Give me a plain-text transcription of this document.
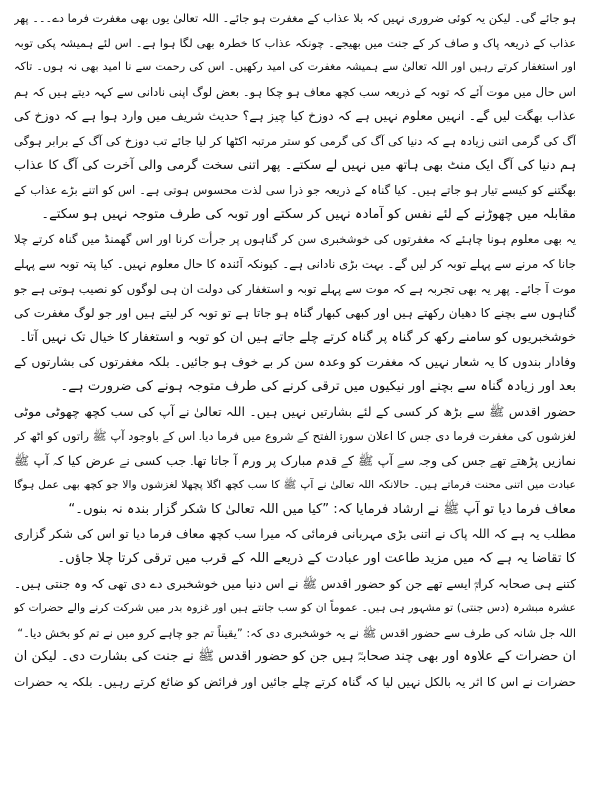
ہو جائے گی۔ لیکن یہ کوئی ضروری نہیں کہ بلا عذاب کے مغفرت ہو جائے۔ اللہ تعالیٰ یوں بھی مغفرت فرما دے۔۔۔ پھر
عذاب کے ذریعہ پاک و صاف کر کے جنت میں بھیجے۔ چونکہ عذاب کا خطرہ بھی لگا ہوا ہے۔ اس لئے ہمیشہ پکی توبہ
اور استغفار کرتے رہیں اور اللہ تعالیٰ سے ہمیشہ مغفرت کی امید رکھیں۔ اس کی رحمت سے نا امید بھی نہ ہوں۔ تاکہ
اس حال میں موت آئے کہ توبہ کے ذریعہ سب کچھ معاف ہو چکا ہو۔ بعض لوگ اپنی نادانی سے کہہ دیتے ہیں کہ ہم
عذاب بھگت لیں گے۔ انہیں معلوم نہیں ہے کہ دوزخ کیا چیز ہے؟ حدیث شریف میں وارد ہوا ہے کہ دوزخ کی
آگ کی گرمی اتنی زیادہ ہے کہ دنیا کی آگ کی گرمی کو ستر مرتبہ اکٹھا کر لیا جائے تب دوزخ کی آگ کے برابر ہوگی
ہم دنیا کی آگ ایک منٹ بھی ہاتھ میں نہیں لے سکتے۔ پھر اتنی سخت گرمی والی آخرت کی آگ کا عذاب
بھگتنے کو کیسے تیار ہو جاتے ہیں۔ کیا گناہ کے ذریعہ جو ذرا سی لذت محسوس ہوتی ہے۔ اس کو اتنے بڑے عذاب کے
مقابلہ میں چھوڑنے کے لئے نفس کو آمادہ نہیں کر سکتے اور توبہ کی طرف متوجہ نہیں ہو سکتے۔
یہ بھی معلوم ہونا چاہئے کہ مغفرتوں کی خوشخبری سن کر گناہوں پر جرأت کرنا اور اس گھمنڈ میں گناہ کرتے چلا
جانا کہ مرنے سے پہلے توبہ کر لیں گے۔ بہت بڑی نادانی ہے۔ کیونکہ آئندہ کا حال معلوم نہیں۔ کیا پتہ توبہ سے پہلے
موت آ جائے۔ پھر یہ بھی تجربہ ہے کہ موت سے پہلے توبہ و استغفار کی دولت ان ہی لوگوں کو نصیب ہوتی ہے جو
گناہوں سے بچنے کا دھیان رکھتے ہیں اور کبھی کبھار گناہ ہو جاتا ہے تو توبہ کر لیتے ہیں اور جو لوگ مغفرت کی
خوشخبریوں کو سامنے رکھ کر گناہ پر گناہ کرتے چلے جاتے ہیں ان کو توبہ و استغفار کا خیال تک نہیں آتا۔
وفادار بندوں کا یہ شعار نہیں کہ مغفرت کو وعدہ سن کر بے خوف ہو جائیں۔ بلکہ مغفرتوں کی بشارتوں کے
بعد اور زیادہ گناہ سے بچنے اور نیکیوں میں ترقی کرنے کی طرف متوجہ ہونے کی ضرورت ہے۔
حضور اقدس ﷺ سے بڑھ کر کسی کے لئے بشارتیں نہیں ہیں۔ اللہ تعالیٰ نے آپ کی سب کچھ چھوٹی موٹی
لغزشوں کی مغفرت فرما دی جس کا اعلان سورۃ الفتح کے شروع میں فرما دیا۔ اس کے باوجود آپ ﷺ راتوں کو اٹھ کر
نمازیں پڑھتے تھے جس کی وجہ سے آپ ﷺ کے قدم مبارک پر ورم آ جاتا تھا۔ جب کسی نے عرض کیا کہ آپ ﷺ
عبادت میں اتنی محنت فرماتے ہیں۔ حالانکہ اللہ تعالیٰ نے آپ ﷺ کا سب کچھ اگلا پچھلا لغزشوں والا جو کچھ بھی عمل ہوگا
معاف فرما دیا تو آپ ﷺ نے ارشاد فرمایا کہ: ”کیا میں اللہ تعالیٰ کا شکر گزار بندہ نہ بنوں۔“
مطلب یہ ہے کہ اللہ پاک نے اتنی بڑی مہربانی فرمائی کہ میرا سب کچھ معاف فرما دیا تو اس کی شکر گزاری
کا تقاضا یہ ہے کہ میں مزید طاعت اور عبادت کے ذریعے اللہ کے قرب میں ترقی کرتا چلا جاؤں۔
کتنے ہی صحابہ کرامؓ ایسے تھے جن کو حضور اقدس ﷺ نے اس دنیا میں خوشخبری دے دی تھی کہ وہ جنتی ہیں۔
عشرہ مبشرہ (دس جنتی) تو مشہور ہی ہیں۔ عموماً ان کو سب جانتے ہیں اور غزوہ بدر میں شرکت کرنے والے حضرات کو
اللہ جل شانہ کی طرف سے حضور اقدس ﷺ نے یہ خوشخبری دی کہ: ”یقیناً تم جو چاہے کرو میں نے تم کو بخش دیا۔“
ان حضرات کے علاوہ اور بھی چند صحابہؓ ہیں جن کو حضور اقدس ﷺ نے جنت کی بشارت دی۔ لیکن ان
حضرات نے اس کا اثر یہ بالکل نہیں لیا کہ گناہ کرتے چلے جائیں اور فرائض کو ضائع کرتے رہیں۔ بلکہ یہ حضرات
